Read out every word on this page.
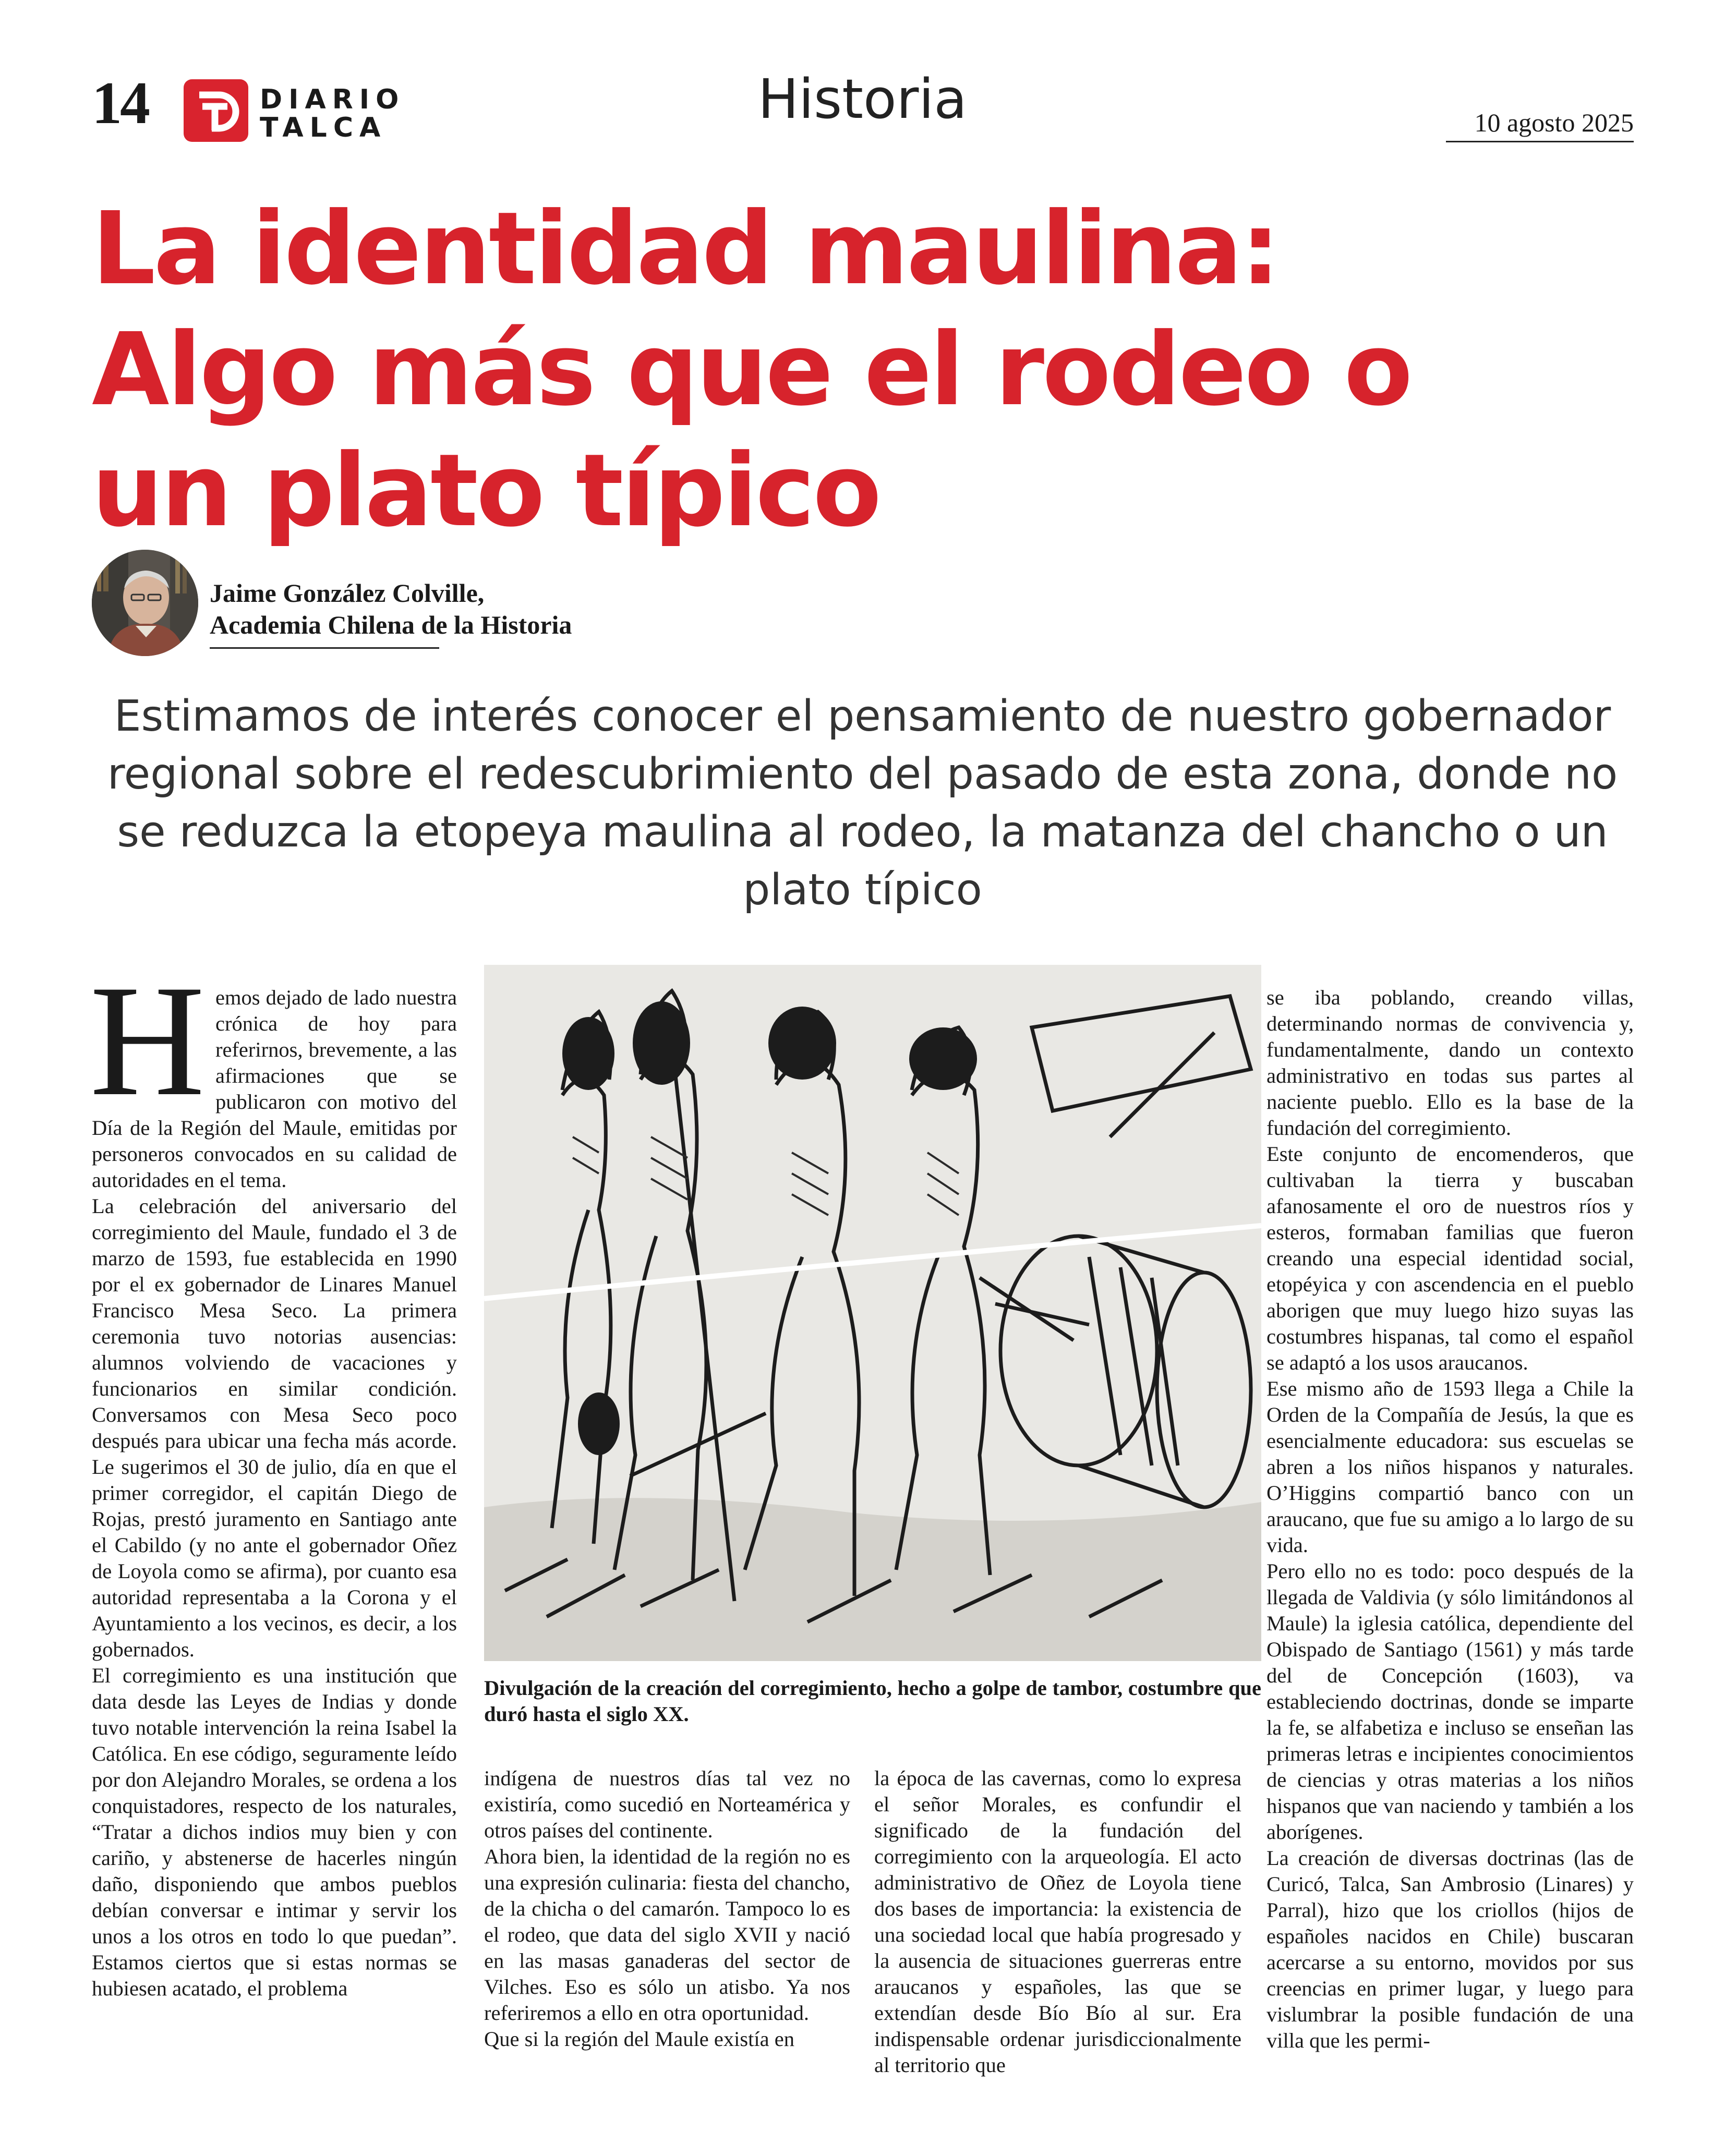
14	DIARIO
TALCA	Historia	10 agosto 2025
La identidad maulina: Algo más que el rodeo o un plato típico
Jaime González Colville,
Academia Chilena de la Historia
Estimamos de interés conocer el pensamiento de nuestro gobernador regional sobre el redescubrimiento del pasado de esta zona, donde no se reduzca la etopeya maulina al rodeo, la matanza del chancho o un plato típico
H emos dejado de lado nuestra crónica de hoy para referirnos, brevemente, a las afirmaciones que se publicaron con motivo del Día de la Región del Maule, emitidas por personeros convocados en su calidad de autoridades en el tema.

La celebración del aniversario del corregimiento del Maule, fundado el 3 de marzo de 1593, fue establecida en 1990 por el ex gobernador de Linares Manuel Francisco Mesa Seco. La primera ceremonia tuvo notorias ausencias: alumnos volviendo de vacaciones y funcionarios en similar condición. Conversamos con Mesa Seco poco después para ubicar una fecha más acorde. Le sugerimos el 30 de julio, día en que el primer corregidor, el capitán Diego de Rojas, prestó juramento en Santiago ante el Cabildo (y no ante el gobernador Oñez de Loyola como se afirma), por cuanto esa autoridad representaba a la Corona y el Ayuntamiento a los vecinos, es decir, a los gobernados.

El corregimiento es una institución que data desde las Leyes de Indias y donde tuvo notable intervención la reina Isabel la Católica. En ese código, seguramente leído por don Alejandro Morales, se ordena a los conquistadores, respecto de los naturales, “Tratar a dichos indios muy bien y con cariño, y abstenerse de hacerles ningún daño, disponiendo que ambos pueblos debían conversar e intimar y servir los unos a los otros en todo lo que puedan”. Estamos ciertos que si estas normas se hubiesen acatado, el problema

Divulgación de la creación del corregimiento, hecho a golpe de tambor, costumbre que duró hasta el siglo XX.

indígena de nuestros días tal vez no existiría, como sucedió en Norteamérica y otros países del continente.

Ahora bien, la identidad de la región no es una expresión culinaria: fiesta del chancho, de la chicha o del camarón. Tampoco lo es el rodeo, que data del siglo XVII y nació en las masas ganaderas del sector de Vilches. Eso es sólo un atisbo. Ya nos referiremos a ello en otra oportunidad.

Que si la región del Maule existía en

la época de las cavernas, como lo expresa el señor Morales, es confundir el significado de la fundación del corregimiento con la arqueología. El acto administrativo de Oñez de Loyola tiene dos bases de importancia: la existencia de una sociedad local que había progresado y la ausencia de situaciones guerreras entre araucanos y españoles, las que se extendían desde Bío Bío al sur. Era indispensable ordenar jurisdiccionalmente al territorio que

se iba poblando, creando villas, determinando normas de convivencia y, fundamentalmente, dando un contexto administrativo en todas sus partes al naciente pueblo. Ello es la base de la fundación del corregimiento.

Este conjunto de encomenderos, que cultivaban la tierra y buscaban afanosamente el oro de nuestros ríos y esteros, formaban familias que fueron creando una especial identidad social, etopéyica y con ascendencia en el pueblo aborigen que muy luego hizo suyas las costumbres hispanas, tal como el español se adaptó a los usos araucanos.

Ese mismo año de 1593 llega a Chile la Orden de la Compañía de Jesús, la que es esencialmente educadora: sus escuelas se abren a los niños hispanos y naturales. O’Higgins compartió banco con un araucano, que fue su amigo a lo largo de su vida.

Pero ello no es todo: poco después de la llegada de Valdivia (y sólo limitándonos al Maule) la iglesia católica, dependiente del Obispado de Santiago (1561) y más tarde del de Concepción (1603), va estableciendo doctrinas, donde se imparte la fe, se alfabetiza e incluso se enseñan las primeras letras e incipientes conocimientos de ciencias y otras materias a los niños hispanos que van naciendo y también a los aborígenes.

La creación de diversas doctrinas (las de Curicó, Talca, San Ambrosio (Linares) y Parral), hizo que los criollos (hijos de españoles nacidos en Chile) buscaran acercarse a su entorno, movidos por sus creencias en primer lugar, y luego para vislumbrar la posible fundación de una villa que les permi-
